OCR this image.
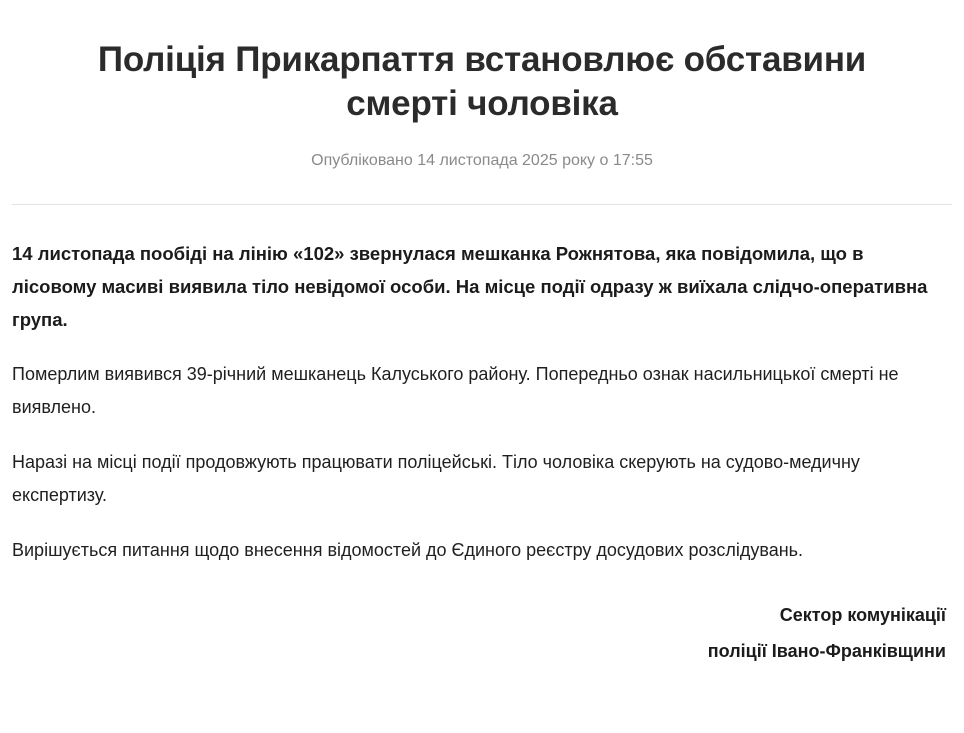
Поліція Прикарпаття встановлює обставини смерті чоловіка
Опубліковано 14 листопада 2025 року о 17:55

14 листопада пообіді на лінію «102» звернулася мешканка Рожнятова, яка повідомила, що в лісовому масиві виявила тіло невідомої особи. На місце події одразу ж виїхала слідчо-оперативна група.

Померлим виявився 39-річний мешканець Калуського району. Попередньо ознак насильницької смерті не виявлено.

Наразі на місці події продовжують працювати поліцейські. Тіло чоловіка скерують на судово-медичну експертизу.

Вирішується питання щодо внесення відомостей до Єдиного реєстру досудових розслідувань.

Сектор комунікації
поліції Івано-Франківщини
